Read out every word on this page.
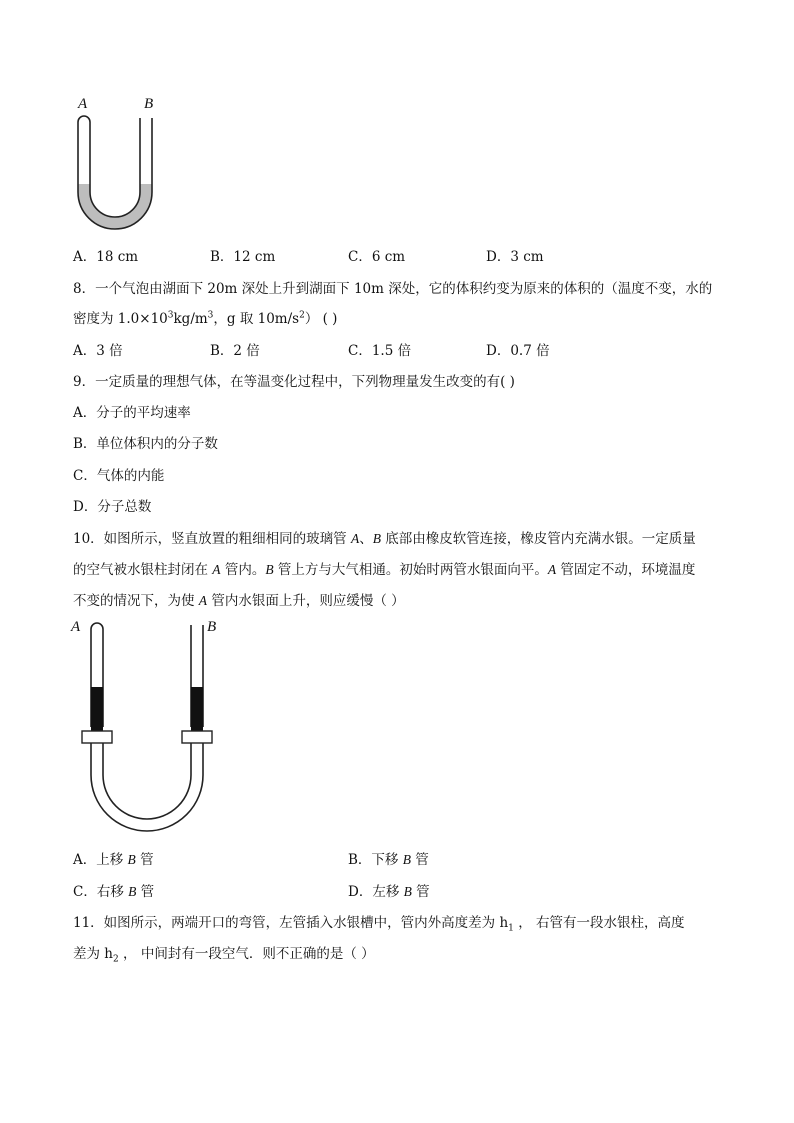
A	B
A．18 cm	B．12 cm	C．6 cm	D．3 cm
8．一个气泡由湖面下 20m 深处上升到湖面下 10m 深处，它的体积约变为原来的体积的（温度不变，水的
密度为 $1.0\times 10^3kg/m^3$，g 取 $10m/s^2$） ( )
A．3 倍	B．2 倍	C．1.5 倍	D．0.7 倍
9．一定质量的理想气体，在等温变化过程中，下列物理量发生改变的有( )
A．分子的平均速率
B．单位体积内的分子数
C．气体的内能
D．分子总数
10．如图所示，竖直放置的粗细相同的玻璃管 A、B 底部由橡皮软管连接，橡皮管内充满水银。一定质量
的空气被水银柱封闭在 A 管内。B 管上方与大气相通。初始时两管水银面向平。A 管固定不动，环境温度
不变的情况下，为使 A 管内水银面上升，则应缓慢（ ）
A	B
A．上移 B 管	B．下移 B 管
C．右移 B 管	D．左移 B 管
11．如图所示，两端开口的弯管，左管插入水银槽中，管内外高度差为 $h_1$ ， 右管有一段水银柱，高度
差为 $h_2$ ， 中间封有一段空气．则不正确的是（ ）
